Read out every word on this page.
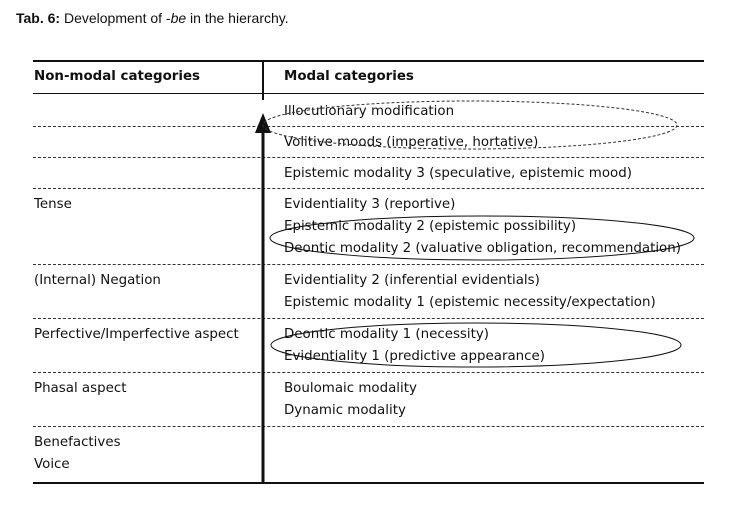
Tab. 6: Development of -be in the hierarchy.
Non-modal categories	Modal categories
Illocutionary modification
Volitive moods (imperative, hortative)
Epistemic modality 3 (speculative, epistemic mood)
Evidentiality 3 (reportive)
Epistemic modality 2 (epistemic possibility)
Deontic modality 2 (valuative obligation, recommendation)
Evidentiality 2 (inferential evidentials)
Epistemic modality 1 (epistemic necessity/expectation)
Deontic modality 1 (necessity)
Evidentiality 1 (predictive appearance)
Boulomaic modality
Dynamic modality
Tense
(Internal) Negation
Perfective/Imperfective aspect
Phasal aspect
Benefactives
Voice
